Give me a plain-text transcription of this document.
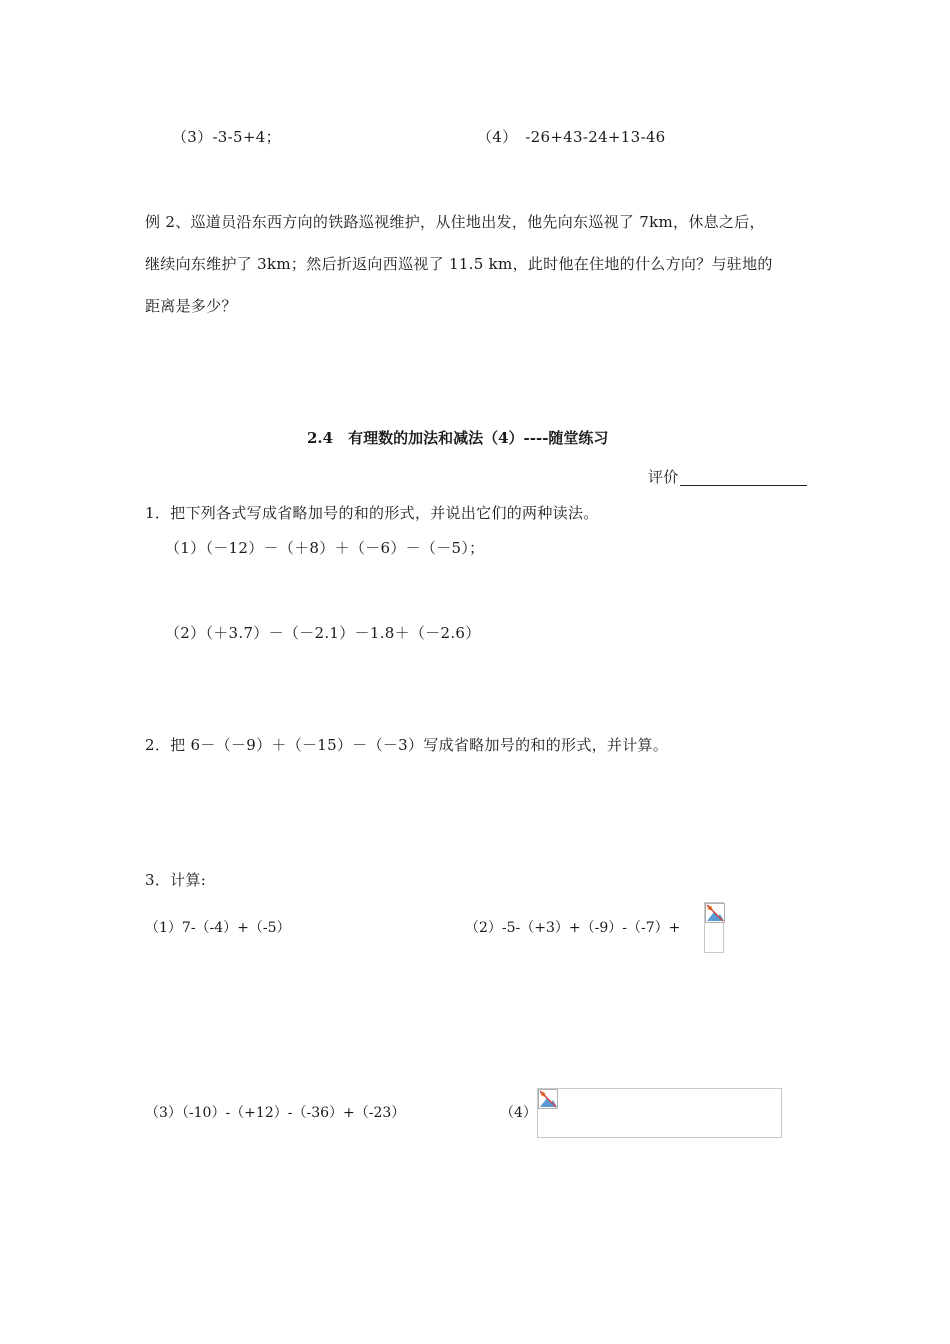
（3）-3-5+4；	（4）　-26+43-24+13-46
例 2、巡道员沿东西方向的铁路巡视维护，从住地出发，他先向东巡视了 7km，休息之后，
继续向东维护了 3km；然后折返向西巡视了 11.5 km，此时他在住地的什么方向？与驻地的
距离是多少？
2.4　有理数的加法和减法（4）----随堂练习
评价
1．把下列各式写成省略加号的和的形式，并说出它们的两种读法。
（1）（－12）－（＋8）＋（－6）－（－5）；
（2）（＋3.7）－（－2.1）－1.8＋（－2.6）
2．把 6－（－9）＋（－15）－（－3）写成省略加号的和的形式，并计算。
3．计算:
（1）7-（-4）+（-5）	（2）-5-（+3）+（-9）-（-7）+
（3）（-10）-（+12）-（-36）+（-23）	（4）
